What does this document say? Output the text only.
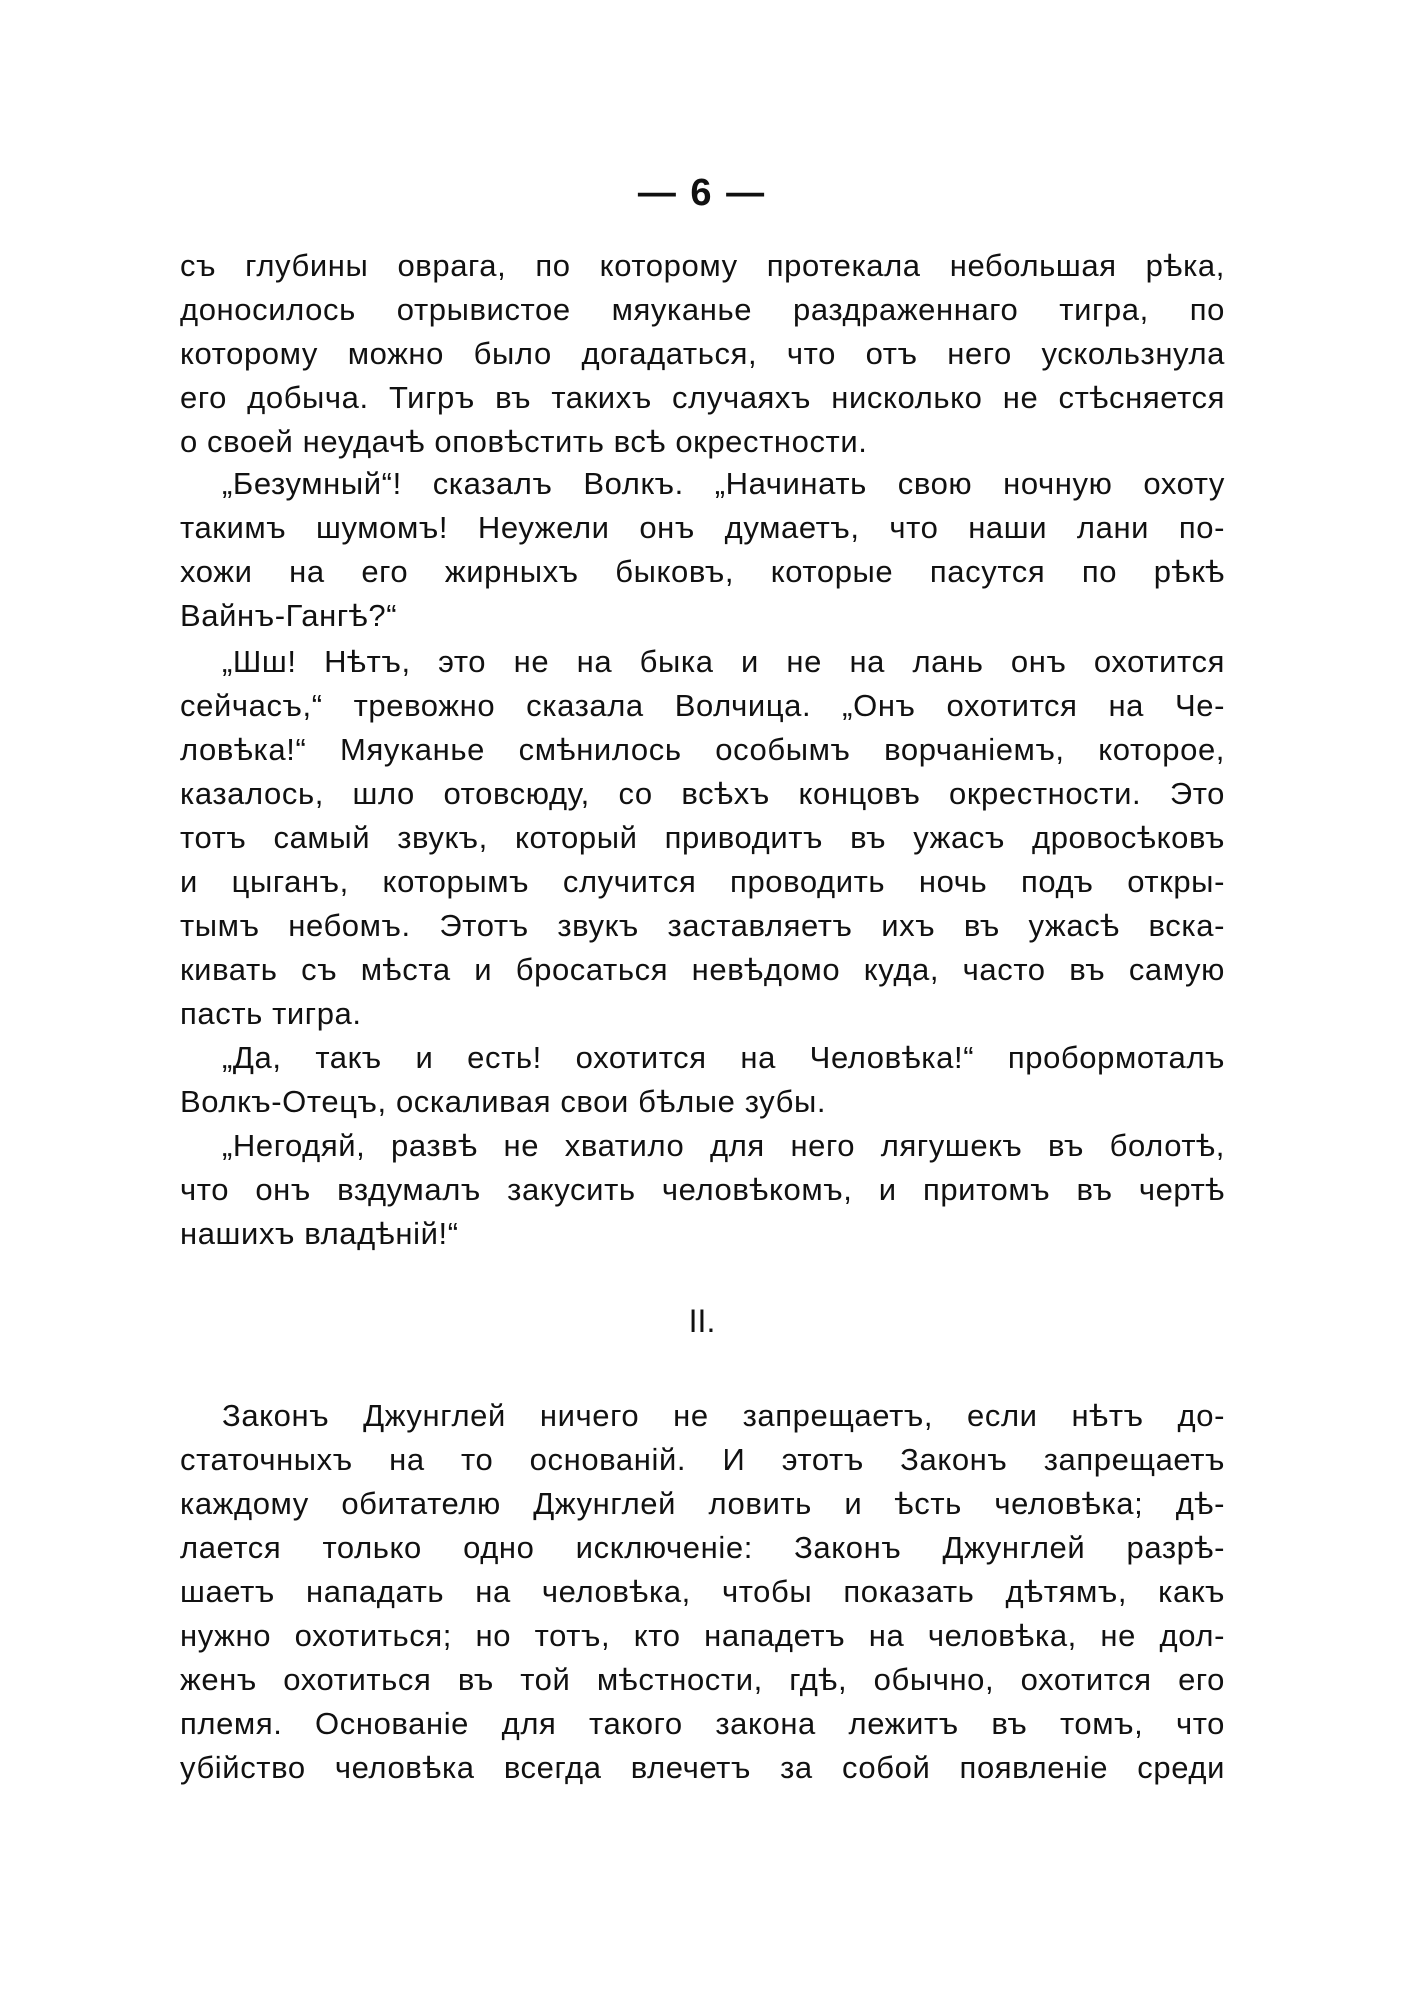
— 6 —
съ глубины оврага, по которому протекала небольшая рѣка,
доносилось отрывистое мяуканье раздраженнаго тигра, по
которому можно было догадаться, что отъ него ускользнула
его добыча. Тигръ въ такихъ случаяхъ нисколько не стѣсняется
о своей неудачѣ оповѣстить всѣ окрестности.
„Безумный“! сказалъ Волкъ. „Начинать свою ночную охоту
такимъ шумомъ! Неужели онъ думаетъ, что наши лани по-
хожи на его жирныхъ быковъ, которые пасутся по рѣкѣ
Вайнъ-Гангѣ?“
„Шш! Нѣтъ, это не на быка и не на лань онъ охотится
сейчасъ,“ тревожно сказала Волчица. „Онъ охотится на Че-
ловѣка!“ Мяуканье смѣнилось особымъ ворчаніемъ, которое,
казалось, шло отовсюду, со всѣхъ концовъ окрестности. Это
тотъ самый звукъ, который приводитъ въ ужасъ дровосѣковъ
и цыганъ, которымъ случится проводить ночь подъ откры-
тымъ небомъ. Этотъ звукъ заставляетъ ихъ въ ужасѣ вска-
кивать съ мѣста и бросаться невѣдомо куда, часто въ самую
пасть тигра.
„Да, такъ и есть! охотится на Человѣка!“ пробормоталъ
Волкъ-Отецъ, оскаливая свои бѣлые зубы.
„Негодяй, развѣ не хватило для него лягушекъ въ болотѣ,
что онъ вздумалъ закусить человѣкомъ, и притомъ въ чертѣ
нашихъ владѣній!“
II.
Законъ Джунглей ничего не запрещаетъ, если нѣтъ до-
статочныхъ на то основаній. И этотъ Законъ запрещаетъ
каждому обитателю Джунглей ловить и ѣсть человѣка; дѣ-
лается только одно исключеніе: Законъ Джунглей разрѣ-
шаетъ нападать на человѣка, чтобы показать дѣтямъ, какъ
нужно охотиться; но тотъ, кто нападетъ на человѣка, не дол-
женъ охотиться въ той мѣстности, гдѣ, обычно, охотится его
племя. Основаніе для такого закона лежитъ въ томъ, что
убійство человѣка всегда влечетъ за собой появленіе среди
